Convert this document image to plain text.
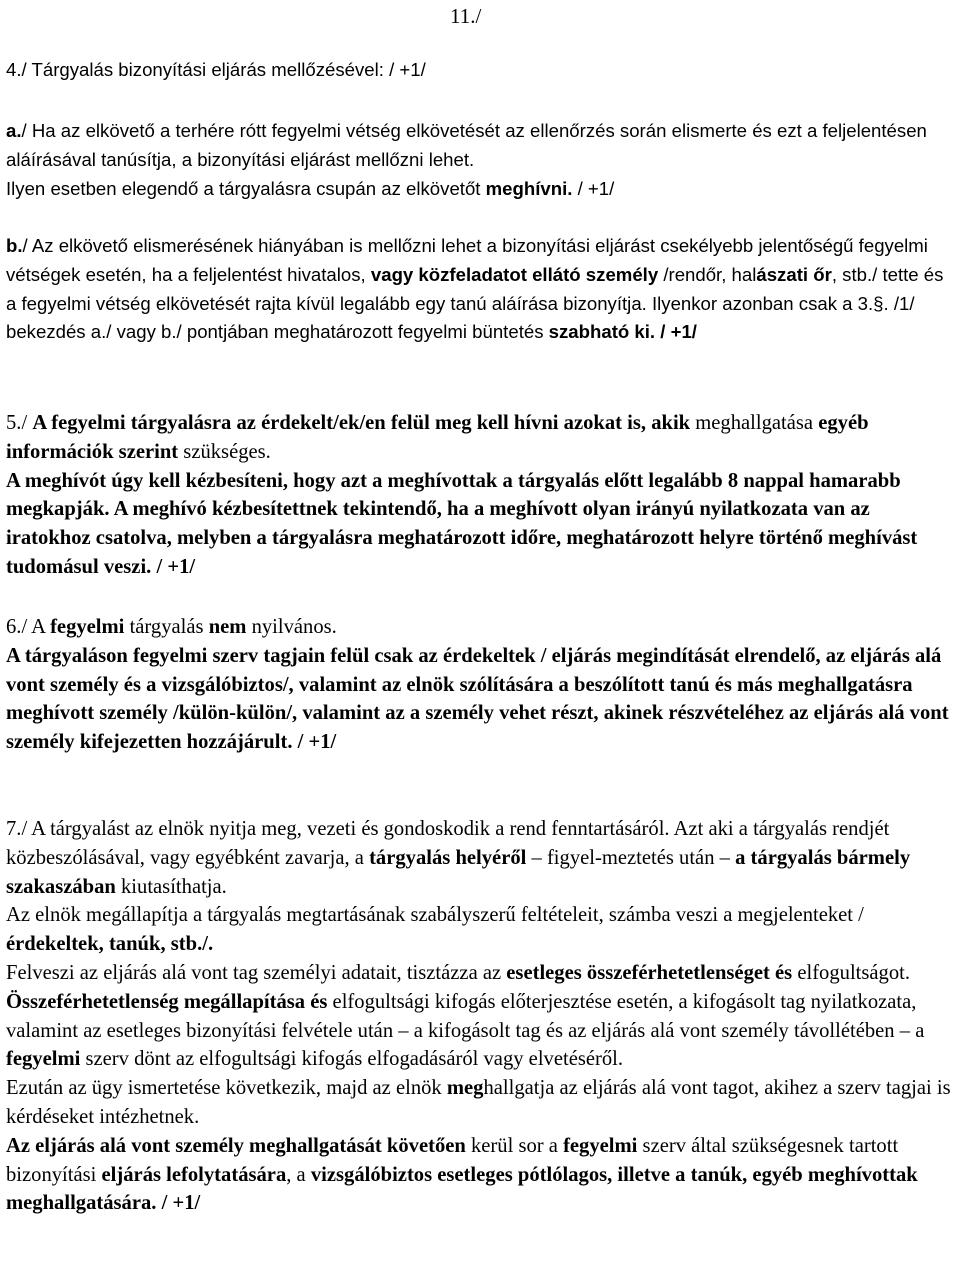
11./

4./ Tárgyalás bizonyítási eljárás mellőzésével: / +1/

a./ Ha az elkövető a terhére rótt fegyelmi vétség elkövetését az ellenőrzés során elismerte és ezt a feljelentésen aláírásával tanúsítja, a bizonyítási eljárást mellőzni lehet.
Ilyen esetben elegendő a tárgyalásra csupán az elkövetőt meghívni. / +1/

b./ Az elkövető elismerésének hiányában is mellőzni lehet a bizonyítási eljárást csekélyebb jelentőségű fegyelmi vétségek esetén, ha a feljelentést hivatalos, vagy közfeladatot ellátó személy /rendőr, halászati őr, stb./ tette és a fegyelmi vétség elkövetését rajta kívül legalább egy tanú aláírása bizonyítja. Ilyenkor azonban csak a 3.§. /1/ bekezdés a./ vagy b./ pontjában meghatározott fegyelmi büntetés szabható ki. / +1/

5./ A fegyelmi tárgyalásra az érdekelt/ek/en felül meg kell hívni azokat is, akik meghallgatása egyéb információk szerint szükséges.
A meghívót úgy kell kézbesíteni, hogy azt a meghívottak a tárgyalás előtt legalább 8 nappal hamarabb megkapják. A meghívó kézbesítettnek tekintendő, ha a meghívott olyan irányú nyilatkozata van az iratokhoz csatolva, melyben a tárgyalásra meghatározott időre, meghatározott helyre történő meghívást tudomásul veszi. / +1/

6./ A fegyelmi tárgyalás nem nyilvános.
A tárgyaláson fegyelmi szerv tagjain felül csak az érdekeltek / eljárás megindítását elrendelő, az eljárás alá vont személy és a vizsgálóbiztos/, valamint az elnök szólítására a beszólított tanú és más meghallgatásra meghívott személy /külön-külön/, valamint az a személy vehet részt, akinek részvételéhez az eljárás alá vont személy kifejezetten hozzájárult. / +1/

7./ A tárgyalást az elnök nyitja meg, vezeti és gondoskodik a rend fenntartásáról. Azt aki a tárgyalás rendjét közbeszólásával, vagy egyébként zavarja, a tárgyalás helyéről – figyel-meztetés után – a tárgyalás bármely szakaszában kiutasíthatja.

Az elnök megállapítja a tárgyalás megtartásának szabályszerű feltételeit, számba veszi a megjelenteket / érdekeltek, tanúk, stb./.

Felveszi az eljárás alá vont tag személyi adatait, tisztázza az esetleges összeférhetetlenséget és elfogultságot.

Összeférhetetlenség megállapítása és elfogultsági kifogás előterjesztése esetén, a kifogásolt tag nyilatkozata, valamint az esetleges bizonyítási felvétele után – a kifogásolt tag és az eljárás alá vont személy távollétében – a fegyelmi szerv dönt az elfogultsági kifogás elfogadásáról vagy elvetéséről.

Ezután az ügy ismertetése következik, majd az elnök meghallgatja az eljárás alá vont tagot, akihez a szerv tagjai is kérdéseket intézhetnek.

Az eljárás alá vont személy meghallgatását követően kerül sor a fegyelmi szerv által szükségesnek tartott bizonyítási eljárás lefolytatására, a vizsgálóbiztos esetleges pótlólagos, illetve a tanúk, egyéb meghívottak meghallgatására. / +1/
